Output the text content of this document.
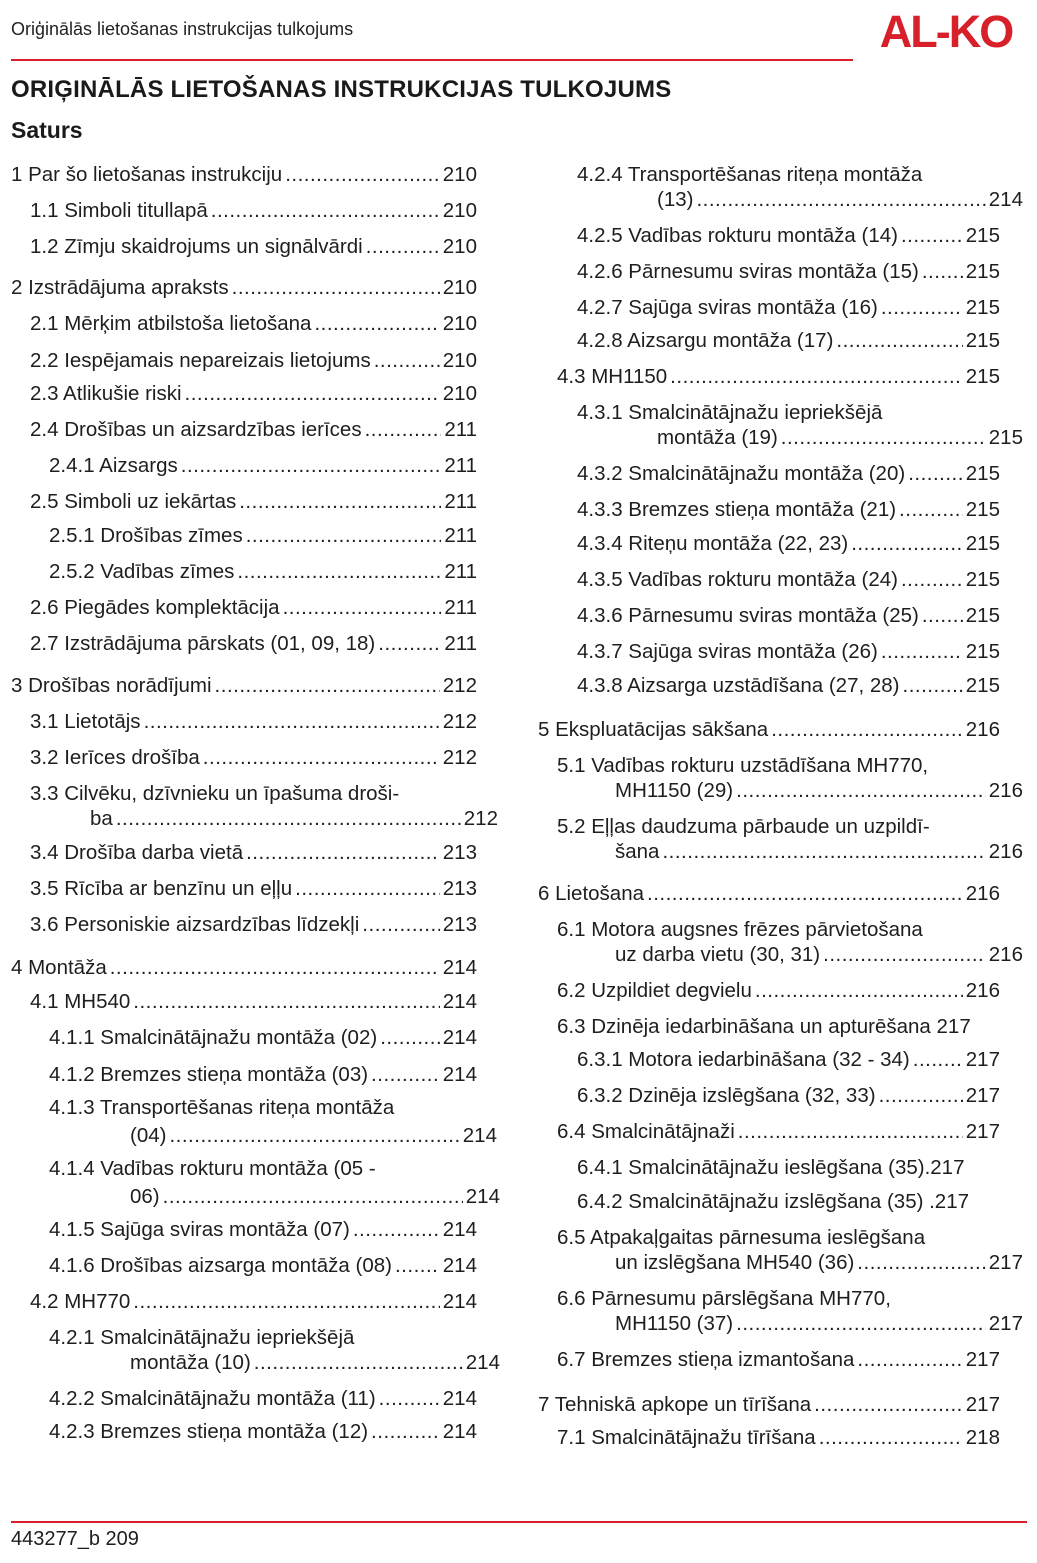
Oriģinālās lietošanas instrukcijas tulkojums	AL-KO
ORIĢINĀLĀS LIETOŠANAS INSTRUKCIJAS TULKOJUMS
Saturs
1 Par šo lietošanas instrukciju .....	210
1.1 Simboli titullapā .....	210
1.2 Zīmju skaidrojums un signālvārdi .....	210
2 Izstrādājuma apraksts .....	210
2.1 Mērķim atbilstoša lietošana .....	210
2.2 Iespējamais nepareizais lietojums .....	210
2.3 Atlikušie riski .....	210
2.4 Drošības un aizsardzības ierīces .....	211
2.4.1 Aizsargs .....	211
2.5 Simboli uz iekārtas .....	211
2.5.1 Drošības zīmes .....	211
2.5.2 Vadības zīmes .....	211
2.6 Piegādes komplektācija .....	211
2.7 Izstrādājuma pārskats (01, 09, 18) .....	211
3 Drošības norādījumi .....	212
3.1 Lietotājs .....	212
3.2 Ierīces drošība .....	212
3.3 Cilvēku, dzīvnieku un īpašuma droši-
ba .....	212
3.4 Drošība darba vietā .....	213
3.5 Rīcība ar benzīnu un eļļu .....	213
3.6 Personiskie aizsardzības līdzekļi .....	213
4 Montāža .....	214
4.1 MH540 .....	214
4.1.1 Smalcinātājnažu montāža (02) .....	214
4.1.2 Bremzes stieņa montāža (03) .....	214
4.1.3 Transportēšanas riteņa montāža
(04) .....	214
4.1.4 Vadības rokturu montāža (05 -
06) .....	214
4.1.5 Sajūga sviras montāža (07) .....	214
4.1.6 Drošības aizsarga montāža (08) ..... 214
4.2 MH770 .....	214
4.2.1 Smalcinātājnažu iepriekšējā
montāža (10) .....	214
4.2.2 Smalcinātājnažu montāža (11) .....	214
4.2.3 Bremzes stieņa montāža (12) .....	214
4.2.4 Transportēšanas riteņa montāža
(13) .....	214
4.2.5 Vadības rokturu montāža (14) .....	215
4.2.6 Pārnesumu sviras montāža (15) ..... 215
4.2.7 Sajūga sviras montāža (16) .....	215
4.2.8 Aizsargu montāža (17) .....	215
4.3 MH1150 .....	215
4.3.1 Smalcinātājnažu iepriekšējā
montāža (19) .....	215
4.3.2 Smalcinātājnažu montāža (20) .....	215
4.3.3 Bremzes stieņa montāža (21) .....	215
4.3.4 Riteņu montāža (22, 23) .....	215
4.3.5 Vadības rokturu montāža (24) .....	215
4.3.6 Pārnesumu sviras montāža (25) ..... 215
4.3.7 Sajūga sviras montāža (26) .....	215
4.3.8 Aizsarga uzstādīšana (27, 28) .....	215
5 Ekspluatācijas sākšana .....	216
5.1 Vadības rokturu uzstādīšana MH770,
MH1150 (29) .....	216
5.2 Eļļas daudzuma pārbaude un uzpildī-
šana .....	216
6 Lietošana .....	216
6.1 Motora augsnes frēzes pārvietošana
uz darba vietu (30, 31) .....	216
6.2 Uzpildiet degvielu .....	216
6.3 Dzinēja iedarbināšana un apturēšana 217
6.3.1 Motora iedarbināšana (32 - 34) .....	217
6.3.2 Dzinēja izslēgšana (32, 33) .....	217
6.4 Smalcinātājnaži .....	217
6.4.1 Smalcinātājnažu ieslēgšana (35).217
6.4.2 Smalcinātājnažu izslēgšana (35) .217
6.5 Atpakaļgaitas pārnesuma ieslēgšana
un izslēgšana MH540 (36) .....	217
6.6 Pārnesumu pārslēgšana MH770,
MH1150 (37) .....	217
6.7 Bremzes stieņa izmantošana .....	217
7 Tehniskā apkope un tīrīšana .....	217
7.1 Smalcinātājnažu tīrīšana .....	218
443277_b 209
